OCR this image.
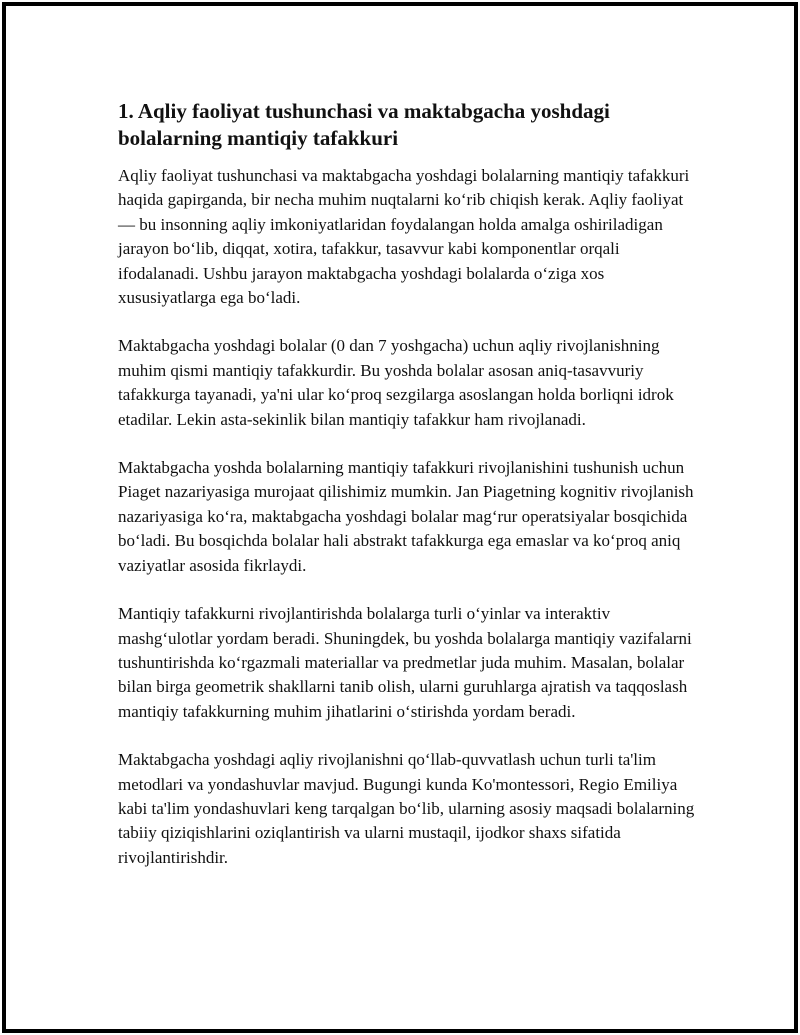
1. Aqliy faoliyat tushunchasi va maktabgacha yoshdagi bolalarning mantiqiy tafakkuri

Aqliy faoliyat tushunchasi va maktabgacha yoshdagi bolalarning mantiqiy tafakkuri haqida gapirganda, bir necha muhim nuqtalarni koʻrib chiqish kerak. Aqliy faoliyat — bu insonning aqliy imkoniyatlaridan foydalangan holda amalga oshiriladigan jarayon boʻlib, diqqat, xotira, tafakkur, tasavvur kabi komponentlar orqali ifodalanadi. Ushbu jarayon maktabgacha yoshdagi bolalarda oʻziga xos xususiyatlarga ega boʻladi.

Maktabgacha yoshdagi bolalar (0 dan 7 yoshgacha) uchun aqliy rivojlanishning muhim qismi mantiqiy tafakkurdir. Bu yoshda bolalar asosan aniq-tasavvuriy tafakkurga tayanadi, ya'ni ular koʻproq sezgilarga asoslangan holda borliqni idrok etadilar. Lekin asta-sekinlik bilan mantiqiy tafakkur ham rivojlanadi.

Maktabgacha yoshda bolalarning mantiqiy tafakkuri rivojlanishini tushunish uchun Piaget nazariyasiga murojaat qilishimiz mumkin. Jan Piagetning kognitiv rivojlanish nazariyasiga koʻra, maktabgacha yoshdagi bolalar magʻrur operatsiyalar bosqichida boʻladi. Bu bosqichda bolalar hali abstrakt tafakkurga ega emaslar va koʻproq aniq vaziyatlar asosida fikrlaydi.

Mantiqiy tafakkurni rivojlantirishda bolalarga turli oʻyinlar va interaktiv mashgʻulotlar yordam beradi. Shuningdek, bu yoshda bolalarga mantiqiy vazifalarni tushuntirishda koʻrgazmali materiallar va predmetlar juda muhim. Masalan, bolalar bilan birga geometrik shakllarni tanib olish, ularni guruhlarga ajratish va taqqoslash mantiqiy tafakkurning muhim jihatlarini oʻstirishda yordam beradi.

Maktabgacha yoshdagi aqliy rivojlanishni qoʻllab-quvvatlash uchun turli ta'lim metodlari va yondashuvlar mavjud. Bugungi kunda Ko'montessori, Regio Emiliya kabi ta'lim yondashuvlari keng tarqalgan boʻlib, ularning asosiy maqsadi bolalarning tabiiy qiziqishlarini oziqlantirish va ularni mustaqil, ijodkor shaxs sifatida rivojlantirishdir.
